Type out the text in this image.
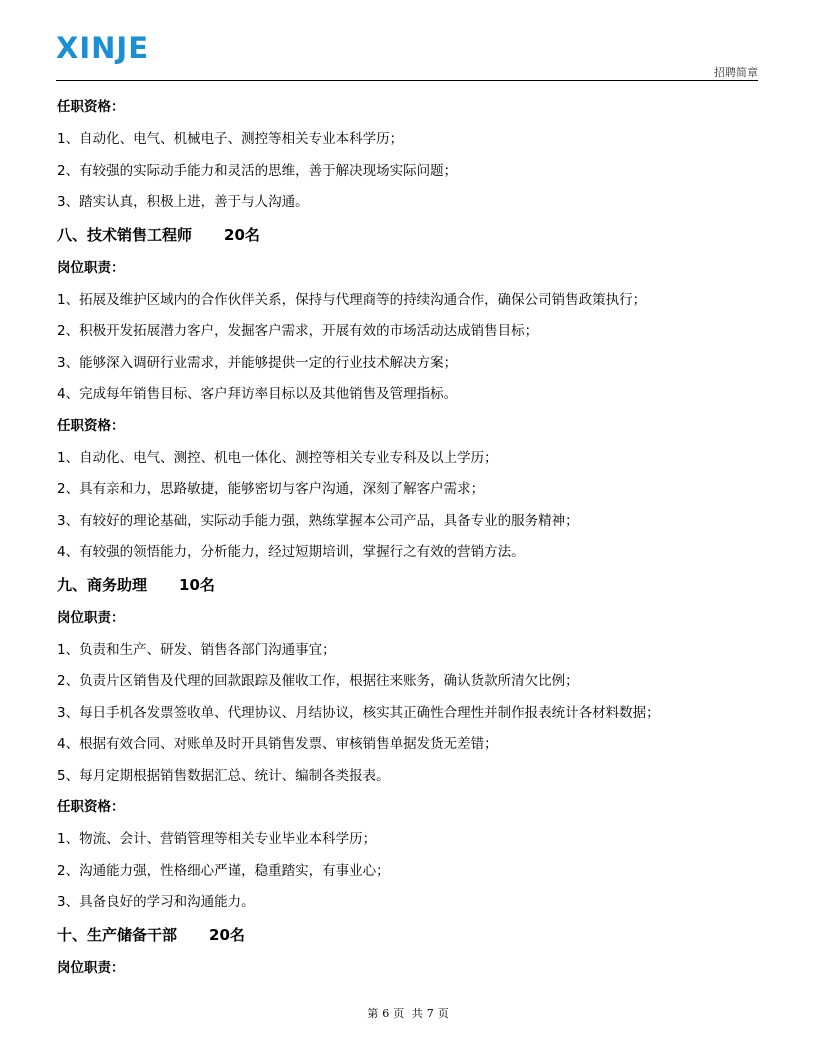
XINJE
招聘简章
任职资格：
1、自动化、电气、机械电子、测控等相关专业本科学历；
2、有较强的实际动手能力和灵活的思维，善于解决现场实际问题；
3、踏实认真，积极上进，善于与人沟通。
八、技术销售工程师 20名
岗位职责：
1、拓展及维护区域内的合作伙伴关系，保持与代理商等的持续沟通合作，确保公司销售政策执行；
2、积极开发拓展潜力客户，发掘客户需求，开展有效的市场活动达成销售目标；
3、能够深入调研行业需求，并能够提供一定的行业技术解决方案；
4、完成每年销售目标、客户拜访率目标以及其他销售及管理指标。
任职资格：
1、自动化、电气、测控、机电一体化、测控等相关专业专科及以上学历；
2、具有亲和力，思路敏捷，能够密切与客户沟通，深刻了解客户需求；
3、有较好的理论基础，实际动手能力强，熟练掌握本公司产品，具备专业的服务精神；
4、有较强的领悟能力，分析能力，经过短期培训，掌握行之有效的营销方法。
九、商务助理 10名
岗位职责：
1、负责和生产、研发、销售各部门沟通事宜；
2、负责片区销售及代理的回款跟踪及催收工作，根据往来账务，确认货款所清欠比例；
3、每日手机各发票签收单、代理协议、月结协议，核实其正确性合理性并制作报表统计各材料数据；
4、根据有效合同、对账单及时开具销售发票、审核销售单据发货无差错；
5、每月定期根据销售数据汇总、统计、编制各类报表。
任职资格：
1、物流、会计、营销管理等相关专业毕业本科学历；
2、沟通能力强，性格细心严谨，稳重踏实，有事业心；
3、具备良好的学习和沟通能力。
十、生产储备干部 20名
岗位职责：
第 6 页 共 7 页
